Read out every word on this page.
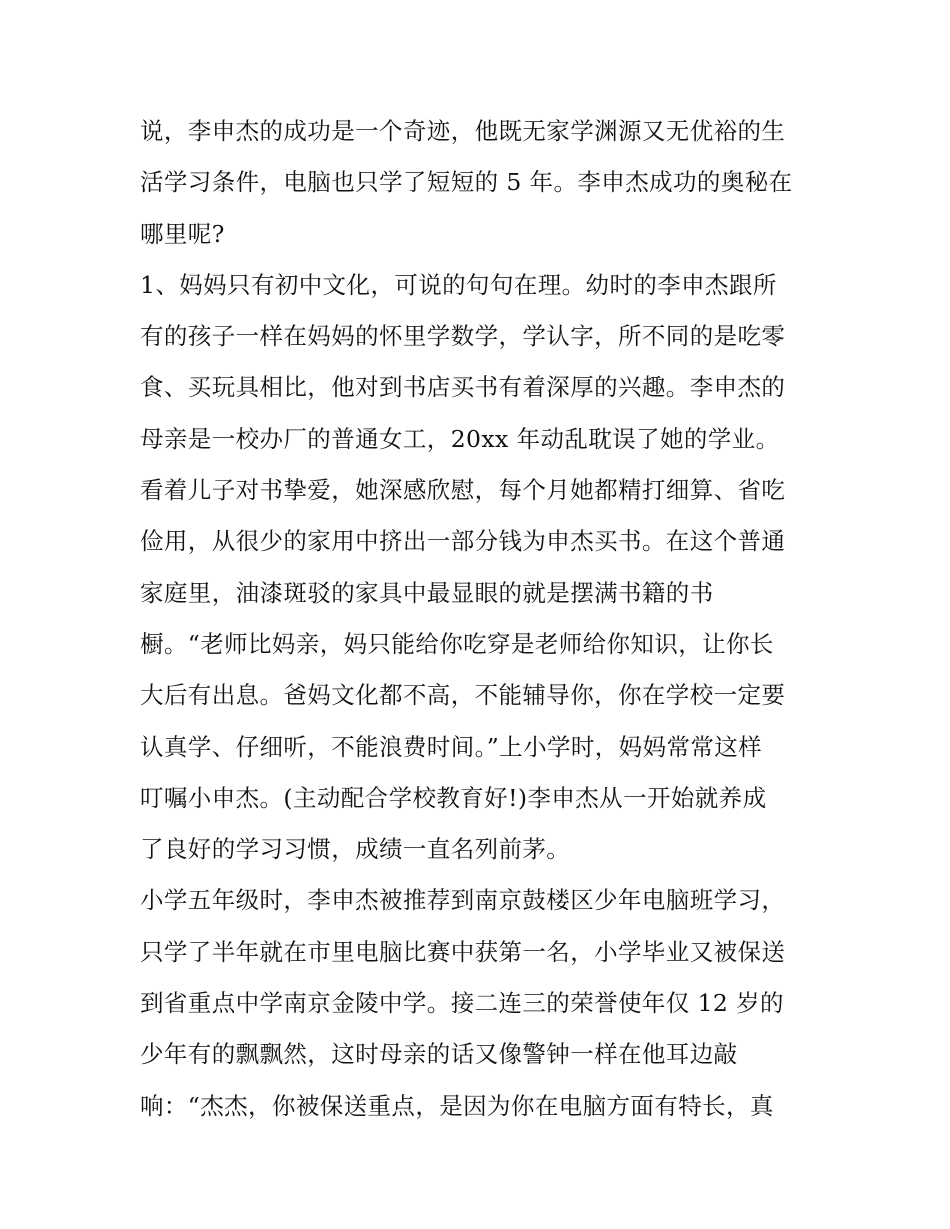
说，李申杰的成功是一个奇迹，他既无家学渊源又无优裕的生
活学习条件，电脑也只学了短短的 5 年。李申杰成功的奥秘在
哪里呢?
1、妈妈只有初中文化，可说的句句在理。幼时的李申杰跟所
有的孩子一样在妈妈的怀里学数学，学认字，所不同的是吃零
食、买玩具相比，他对到书店买书有着深厚的兴趣。李申杰的
母亲是一校办厂的普通女工，20xx 年动乱耽误了她的学业。
看着儿子对书挚爱，她深感欣慰，每个月她都精打细算、省吃
俭用，从很少的家用中挤出一部分钱为申杰买书。在这个普通
家庭里，油漆斑驳的家具中最显眼的就是摆满书籍的书
橱。“老师比妈亲，妈只能给你吃穿是老师给你知识，让你长
大后有出息。爸妈文化都不高，不能辅导你，你在学校一定要
认真学、仔细听，不能浪费时间。”上小学时，妈妈常常这样
叮嘱小申杰。(主动配合学校教育好!)李申杰从一开始就养成
了良好的学习习惯，成绩一直名列前茅。
小学五年级时，李申杰被推荐到南京鼓楼区少年电脑班学习，
只学了半年就在市里电脑比赛中获第一名，小学毕业又被保送
到省重点中学南京金陵中学。接二连三的荣誉使年仅 12 岁的
少年有的飘飘然，这时母亲的话又像警钟一样在他耳边敲
响：“杰杰，你被保送重点，是因为你在电脑方面有特长，真
